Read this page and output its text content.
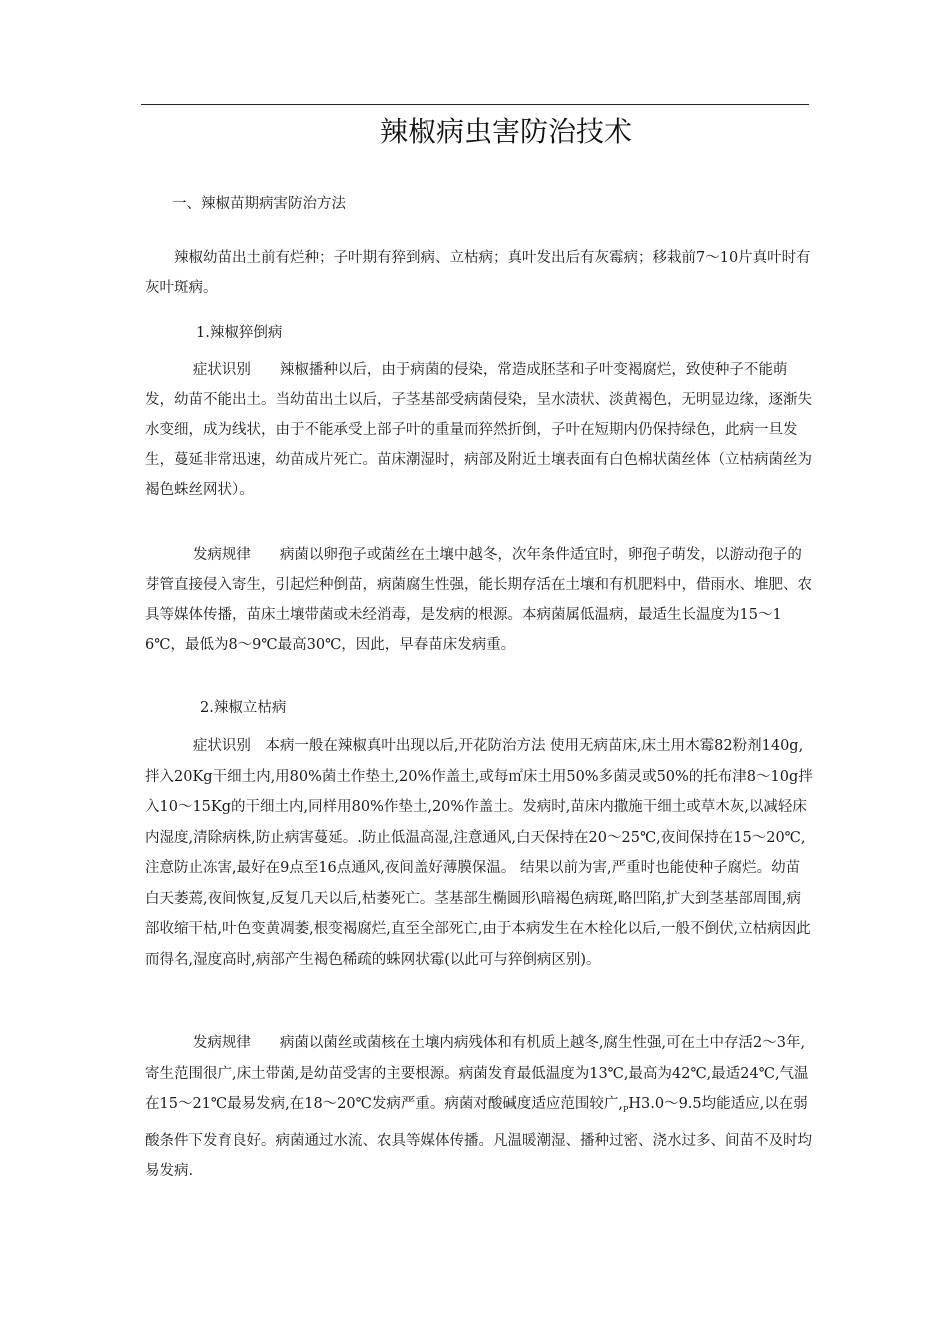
辣椒病虫害防治技术

一、辣椒苗期病害防治方法

辣椒幼苗出土前有烂种；子叶期有猝到病、立枯病；真叶发出后有灰霉病；移栽前7～10片真叶时有灰叶斑病。

1.辣椒猝倒病

症状识别　　辣椒播种以后，由于病菌的侵染，常造成胚茎和子叶变褐腐烂，致使种子不能萌发，幼苗不能出土。当幼苗出土以后，子茎基部受病菌侵染，呈水渍状、淡黄褐色，无明显边缘，逐渐失水变细，成为线状，由于不能承受上部子叶的重量而猝然折倒，子叶在短期内仍保持绿色，此病一旦发生，蔓延非常迅速，幼苗成片死亡。苗床潮湿时，病部及附近土壤表面有白色棉状菌丝体（立枯病菌丝为褐色蛛丝网状）。

发病规律　　病菌以卵孢子或菌丝在土壤中越冬，次年条件适宜时，卵孢子萌发，以游动孢子的芽管直接侵入寄生，引起烂种倒苗，病菌腐生性强，能长期存活在土壤和有机肥料中，借雨水、堆肥、农具等媒体传播，苗床土壤带菌或未经消毒，是发病的根源。本病菌属低温病，最适生长温度为15～16℃，最低为8～9℃最高30℃，因此，早春苗床发病重。

2.辣椒立枯病

症状识别　本病一般在辣椒真叶出现以后,开花防治方法 使用无病苗床,床土用木霉82粉剂140g,拌入20Kg干细土内,用80%菌土作垫土,20%作盖土,或每㎡床土用50%多菌灵或50%的托布津8～10g拌入10～15Kg的干细土内,同样用80%作垫土,20%作盖土。发病时,苗床内撒施干细土或草木灰,以减轻床内湿度,清除病株,防止病害蔓延。.防止低温高湿,注意通风,白天保持在20～25℃,夜间保持在15～20℃,注意防止冻害,最好在9点至16点通风,夜间盖好薄膜保温。 结果以前为害,严重时也能使种子腐烂。幼苗白天萎蔫,夜间恢复,反复几天以后,枯萎死亡。茎基部生椭圆形\暗褐色病斑,略凹陷,扩大到茎基部周围,病部收缩干枯,叶色变黄凋萎,根变褐腐烂,直至全部死亡,由于本病发生在木栓化以后,一般不倒伏,立枯病因此而得名,湿度高时,病部产生褐色稀疏的蛛网状霉(以此可与猝倒病区别)。

发病规律　　病菌以菌丝或菌核在土壤内病残体和有机质上越冬,腐生性强,可在土中存活2～3年,寄生范围很广,床土带菌,是幼苗受害的主要根源。病菌发育最低温度为13℃,最高为42℃,最适24℃,气温在15～21℃最易发病,在18～20℃发病严重。病菌对酸碱度适应范围较广$,_PH3.0\sim 9.5$均能适应,以在弱酸条件下发育良好。病菌通过水流、农具等媒体传播。凡温暖潮湿、播种过密、浇水过多、间苗不及时均易发病.
